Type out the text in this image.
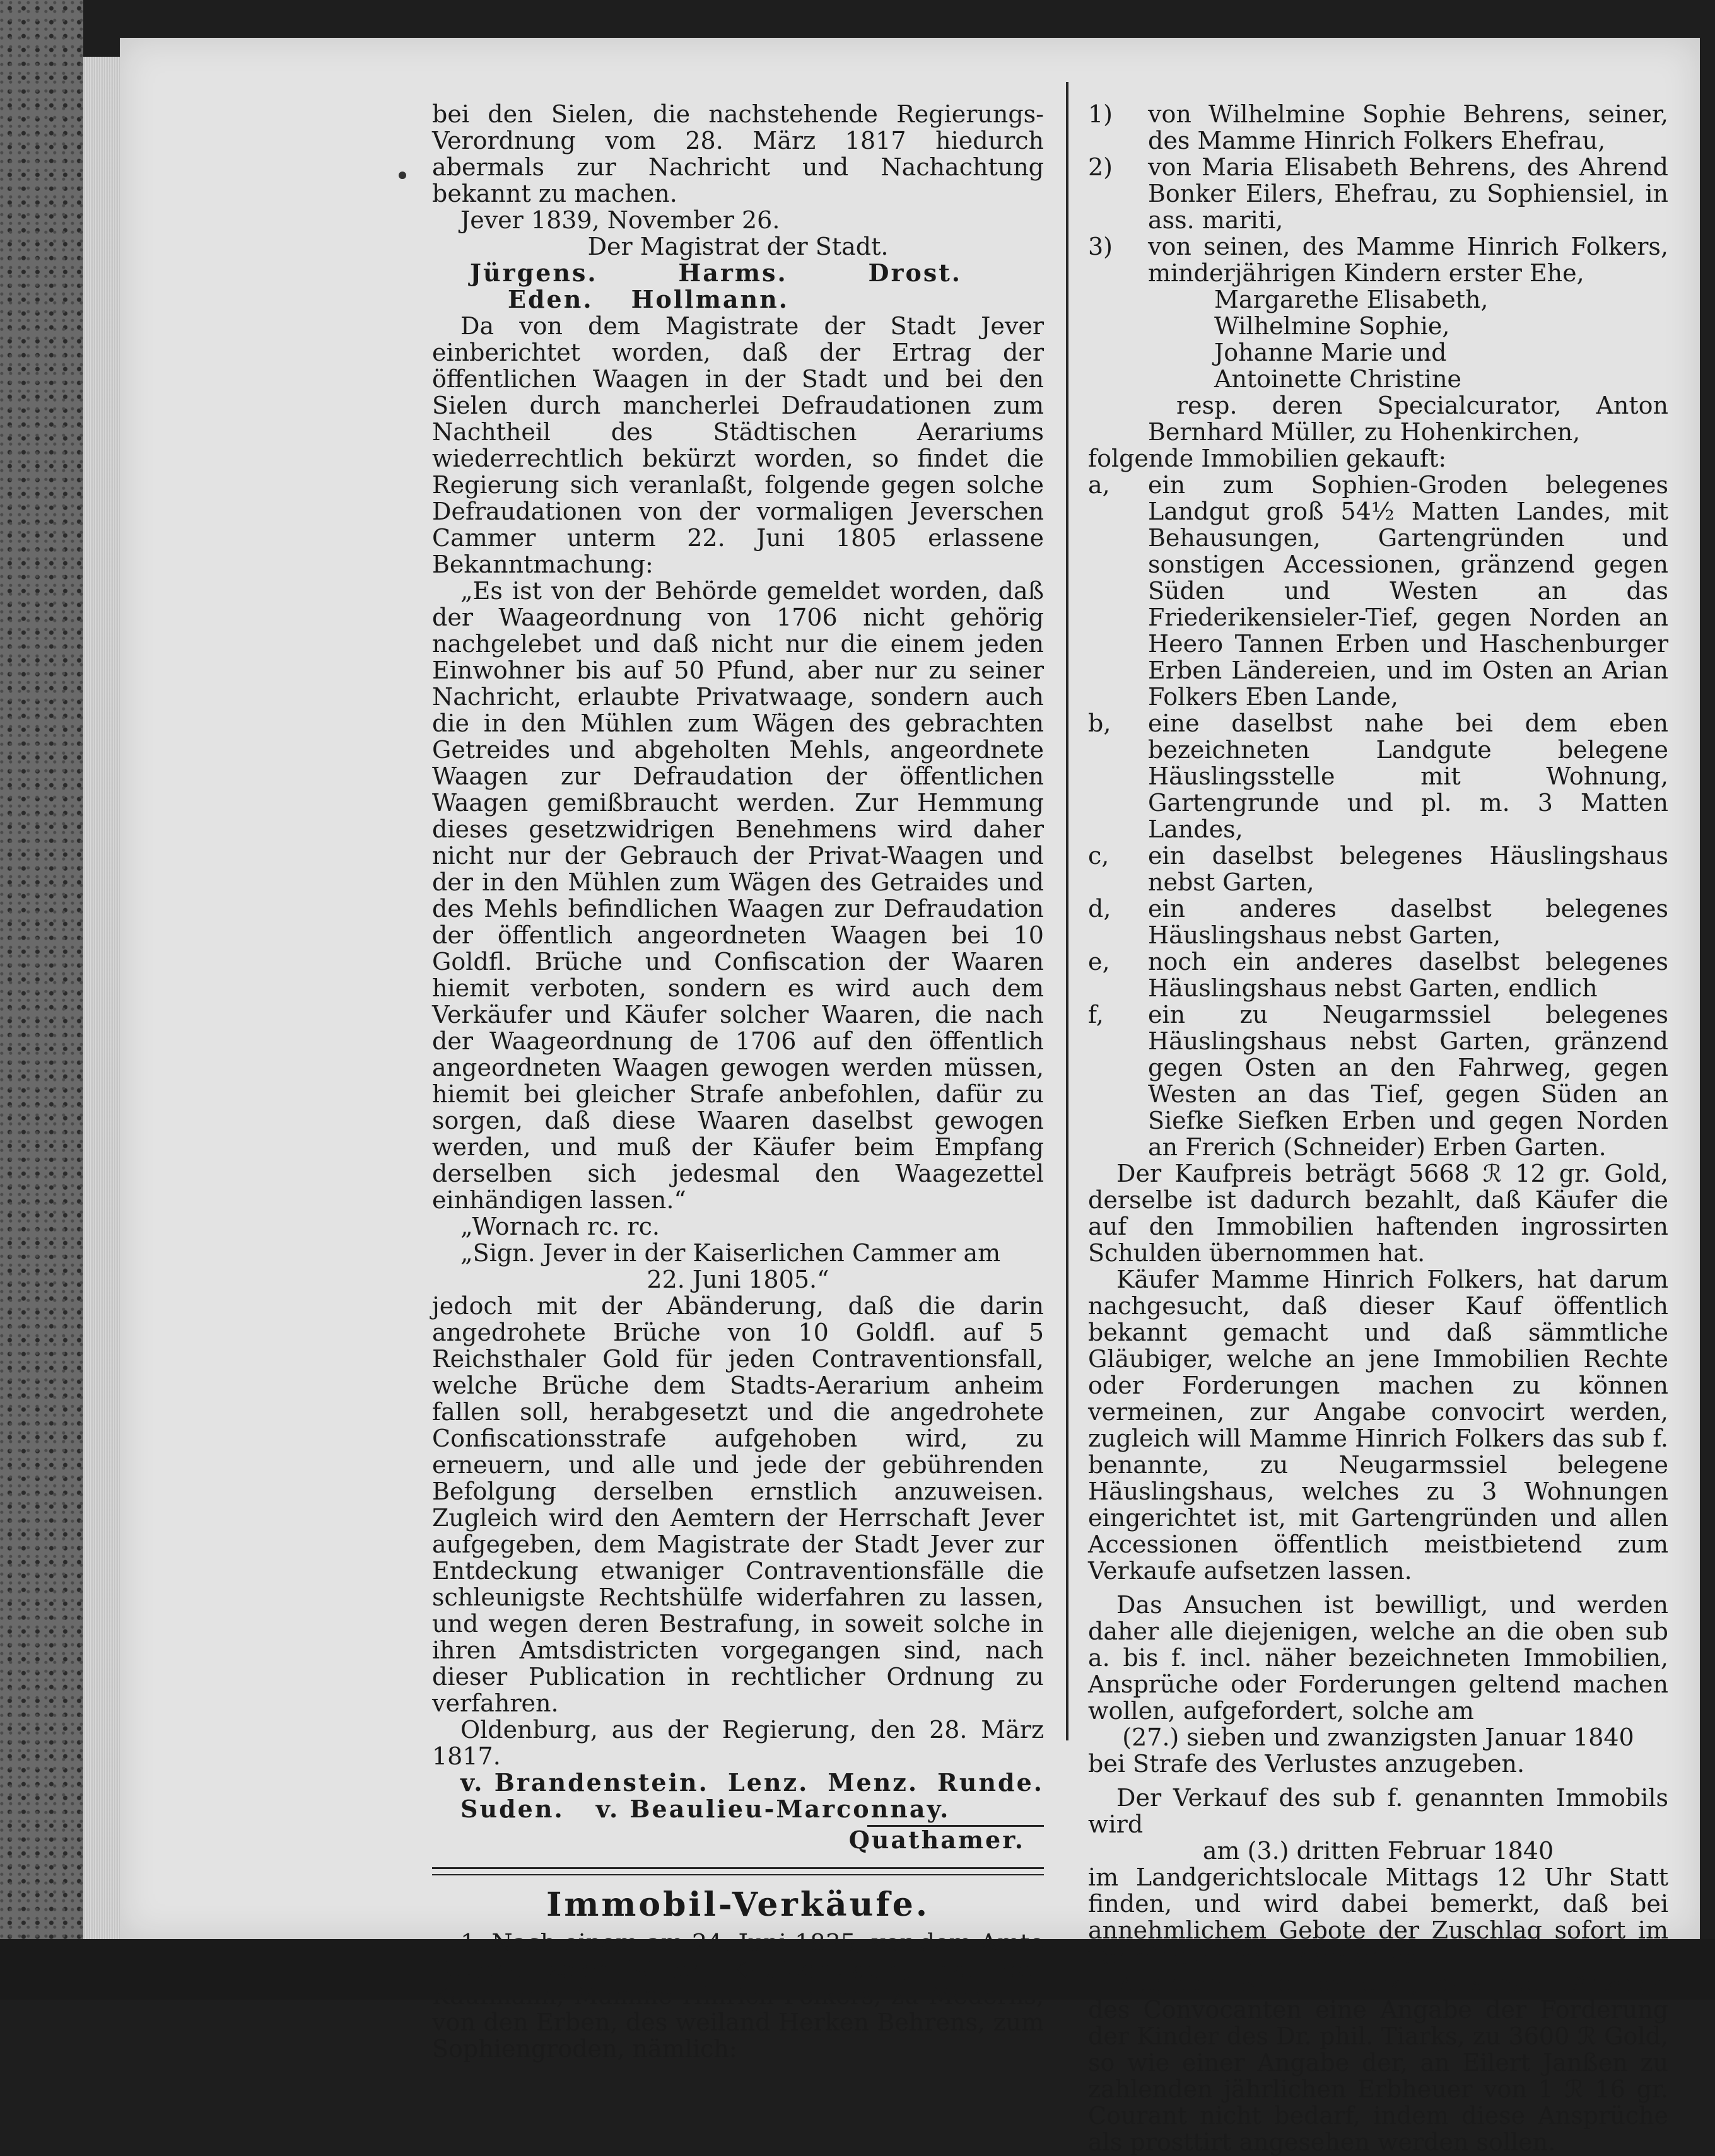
bei den Sielen, die nachstehende Regierungs-Verordnung vom 28. März 1817 hiedurch abermals zur Nachricht und Nachachtung bekannt zu machen.

Jever 1839, November 26.

Der Magistrat der Stadt.

Jürgens.	Harms.	Drost.

Eden. Hollmann.

Da von dem Magistrate der Stadt Jever einberichtet worden, daß der Ertrag der öffentlichen Waagen in der Stadt und bei den Sielen durch mancherlei Defraudationen zum Nachtheil des Städtischen Aerariums wiederrechtlich bekürzt worden, so findet die Regierung sich veranlaßt, folgende gegen solche Defraudationen von der vormaligen Jeverschen Cammer unterm 22. Juni 1805 erlassene Bekanntmachung:

„Es ist von der Behörde gemeldet worden, daß der Waageordnung von 1706 nicht gehörig nachgelebet und daß nicht nur die einem jeden Einwohner bis auf 50 Pfund, aber nur zu seiner Nachricht, erlaubte Privatwaage, sondern auch die in den Mühlen zum Wägen des gebrachten Getreides und abgeholten Mehls, angeordnete Waagen zur Defraudation der öffentlichen Waagen gemißbraucht werden. Zur Hemmung dieses gesetzwidrigen Benehmens wird daher nicht nur der Gebrauch der Privat-Waagen und der in den Mühlen zum Wägen des Getraides und des Mehls befindlichen Waagen zur Defraudation der öffentlich angeordneten Waagen bei 10 Goldfl. Brüche und Confiscation der Waaren hiemit verboten, sondern es wird auch dem Verkäufer und Käufer solcher Waaren, die nach der Waageordnung de 1706 auf den öffentlich angeordneten Waagen gewogen werden müssen, hiemit bei gleicher Strafe anbefohlen, dafür zu sorgen, daß diese Waaren daselbst gewogen werden, und muß der Käufer beim Empfang derselben sich jedesmal den Waagezettel einhändigen lassen.“

„Wornach rc. rc.

„Sign. Jever in der Kaiserlichen Cammer am

22. Juni 1805.“

jedoch mit der Abänderung, daß die darin angedrohete Brüche von 10 Goldfl. auf 5 Reichsthaler Gold für jeden Contraventionsfall, welche Brüche dem Stadts-Aerarium anheim fallen soll, herabgesetzt und die angedrohete Confiscationsstrafe aufgehoben wird, zu erneuern, und alle und jede der gebührenden Befolgung derselben ernstlich anzuweisen. Zugleich wird den Aemtern der Herrschaft Jever aufgegeben, dem Magistrate der Stadt Jever zur Entdeckung etwaniger Contraventionsfälle die schleunigste Rechtshülfe widerfahren zu lassen, und wegen deren Bestrafung, in soweit solche in ihren Amtsdistricten vorgegangen sind, nach dieser Publication in rechtlicher Ordnung zu verfahren.

Oldenburg, aus der Regierung, den 28. März 1817.

v. Brandenstein. Lenz. Menz. Runde.

Suden. v. Beaulieu-Marconnay.

Quathamer.

Immobil-Verkäufe.

1. Nach einem am 24. Juni 1835, vor dem Amte Tettens solennisirten Kaufcontracte, hat der Kaufmann, Mamme Hinrich Folkers, zu Mederns, von den Erben, des weiland Herken Behrens, zum Sophiengroden, nämlich:

1)	von Wilhelmine Sophie Behrens, seiner, des Mamme Hinrich Folkers Ehefrau,

2)	von Maria Elisabeth Behrens, des Ahrend Bonker Eilers, Ehefrau, zu Sophiensiel, in ass. mariti,

3)	von seinen, des Mamme Hinrich Folkers, minderjährigen Kindern erster Ehe,

Margarethe Elisabeth,

Wilhelmine Sophie,

Johanne Marie und

Antoinette Christine

resp. deren Specialcurator, Anton Bernhard Müller, zu Hohenkirchen,

folgende Immobilien gekauft:

a,	ein zum Sophien-Groden belegenes Landgut groß 54½ Matten Landes, mit Behausungen, Gartengründen und sonstigen Accessionen, gränzend gegen Süden und Westen an das Friederikensieler-Tief, gegen Norden an Heero Tannen Erben und Haschenburger Erben Ländereien, und im Osten an Arian Folkers Eben Lande,

b,	eine daselbst nahe bei dem eben bezeichneten Landgute belegene Häuslingsstelle mit Wohnung, Gartengrunde und pl. m. 3 Matten Landes,

c,	ein daselbst belegenes Häuslingshaus nebst Garten,

d,	ein anderes daselbst belegenes Häuslingshaus nebst Garten,

e,	noch ein anderes daselbst belegenes Häuslingshaus nebst Garten, endlich

f,	ein zu Neugarmssiel belegenes Häuslingshaus nebst Garten, gränzend gegen Osten an den Fahrweg, gegen Westen an das Tief, gegen Süden an Siefke Siefken Erben und gegen Norden an Frerich (Schneider) Erben Garten.

Der Kaufpreis beträgt 5668 ℛ 12 gr. Gold, derselbe ist dadurch bezahlt, daß Käufer die auf den Immobilien haftenden ingrossirten Schulden übernommen hat.

Käufer Mamme Hinrich Folkers, hat darum nachgesucht, daß dieser Kauf öffentlich bekannt gemacht und daß sämmtliche Gläubiger, welche an jene Immobilien Rechte oder Forderungen machen zu können vermeinen, zur Angabe convocirt werden, zugleich will Mamme Hinrich Folkers das sub f. benannte, zu Neugarmssiel belegene Häuslingshaus, welches zu 3 Wohnungen eingerichtet ist, mit Gartengründen und allen Accessionen öffentlich meistbietend zum Verkaufe aufsetzen lassen.

Das Ansuchen ist bewilligt, und werden daher alle diejenigen, welche an die oben sub a. bis f. incl. näher bezeichneten Immobilien, Ansprüche oder Forderungen geltend machen wollen, aufgefordert, solche am

(27.) sieben und zwanzigsten Januar 1840

bei Strafe des Verlustes anzugeben.

Der Verkauf des sub f. genannten Immobils wird

am (3.) dritten Februar 1840

im Landgerichtslocale Mittags 12 Uhr Statt finden, und wird dabei bemerkt, daß bei annehmlichem Gebote der Zuschlag sofort im Termine ertheilt werden soll.

Zugleich wird bemerkt, daß nach Anzeige des Convocanten eine Angabe der Forderung der Kinder des Dr. phil. Tiarks, zu 3600 ℛ Gold, so wie einer Angabe der, an Eilert Janßen zu zahlenden jährlichen Erbheuer von 1 ℛ 16 gr. Courant nicht bedarf, indem diese Ansprüche als prosttirt angesehen werden sollen.
